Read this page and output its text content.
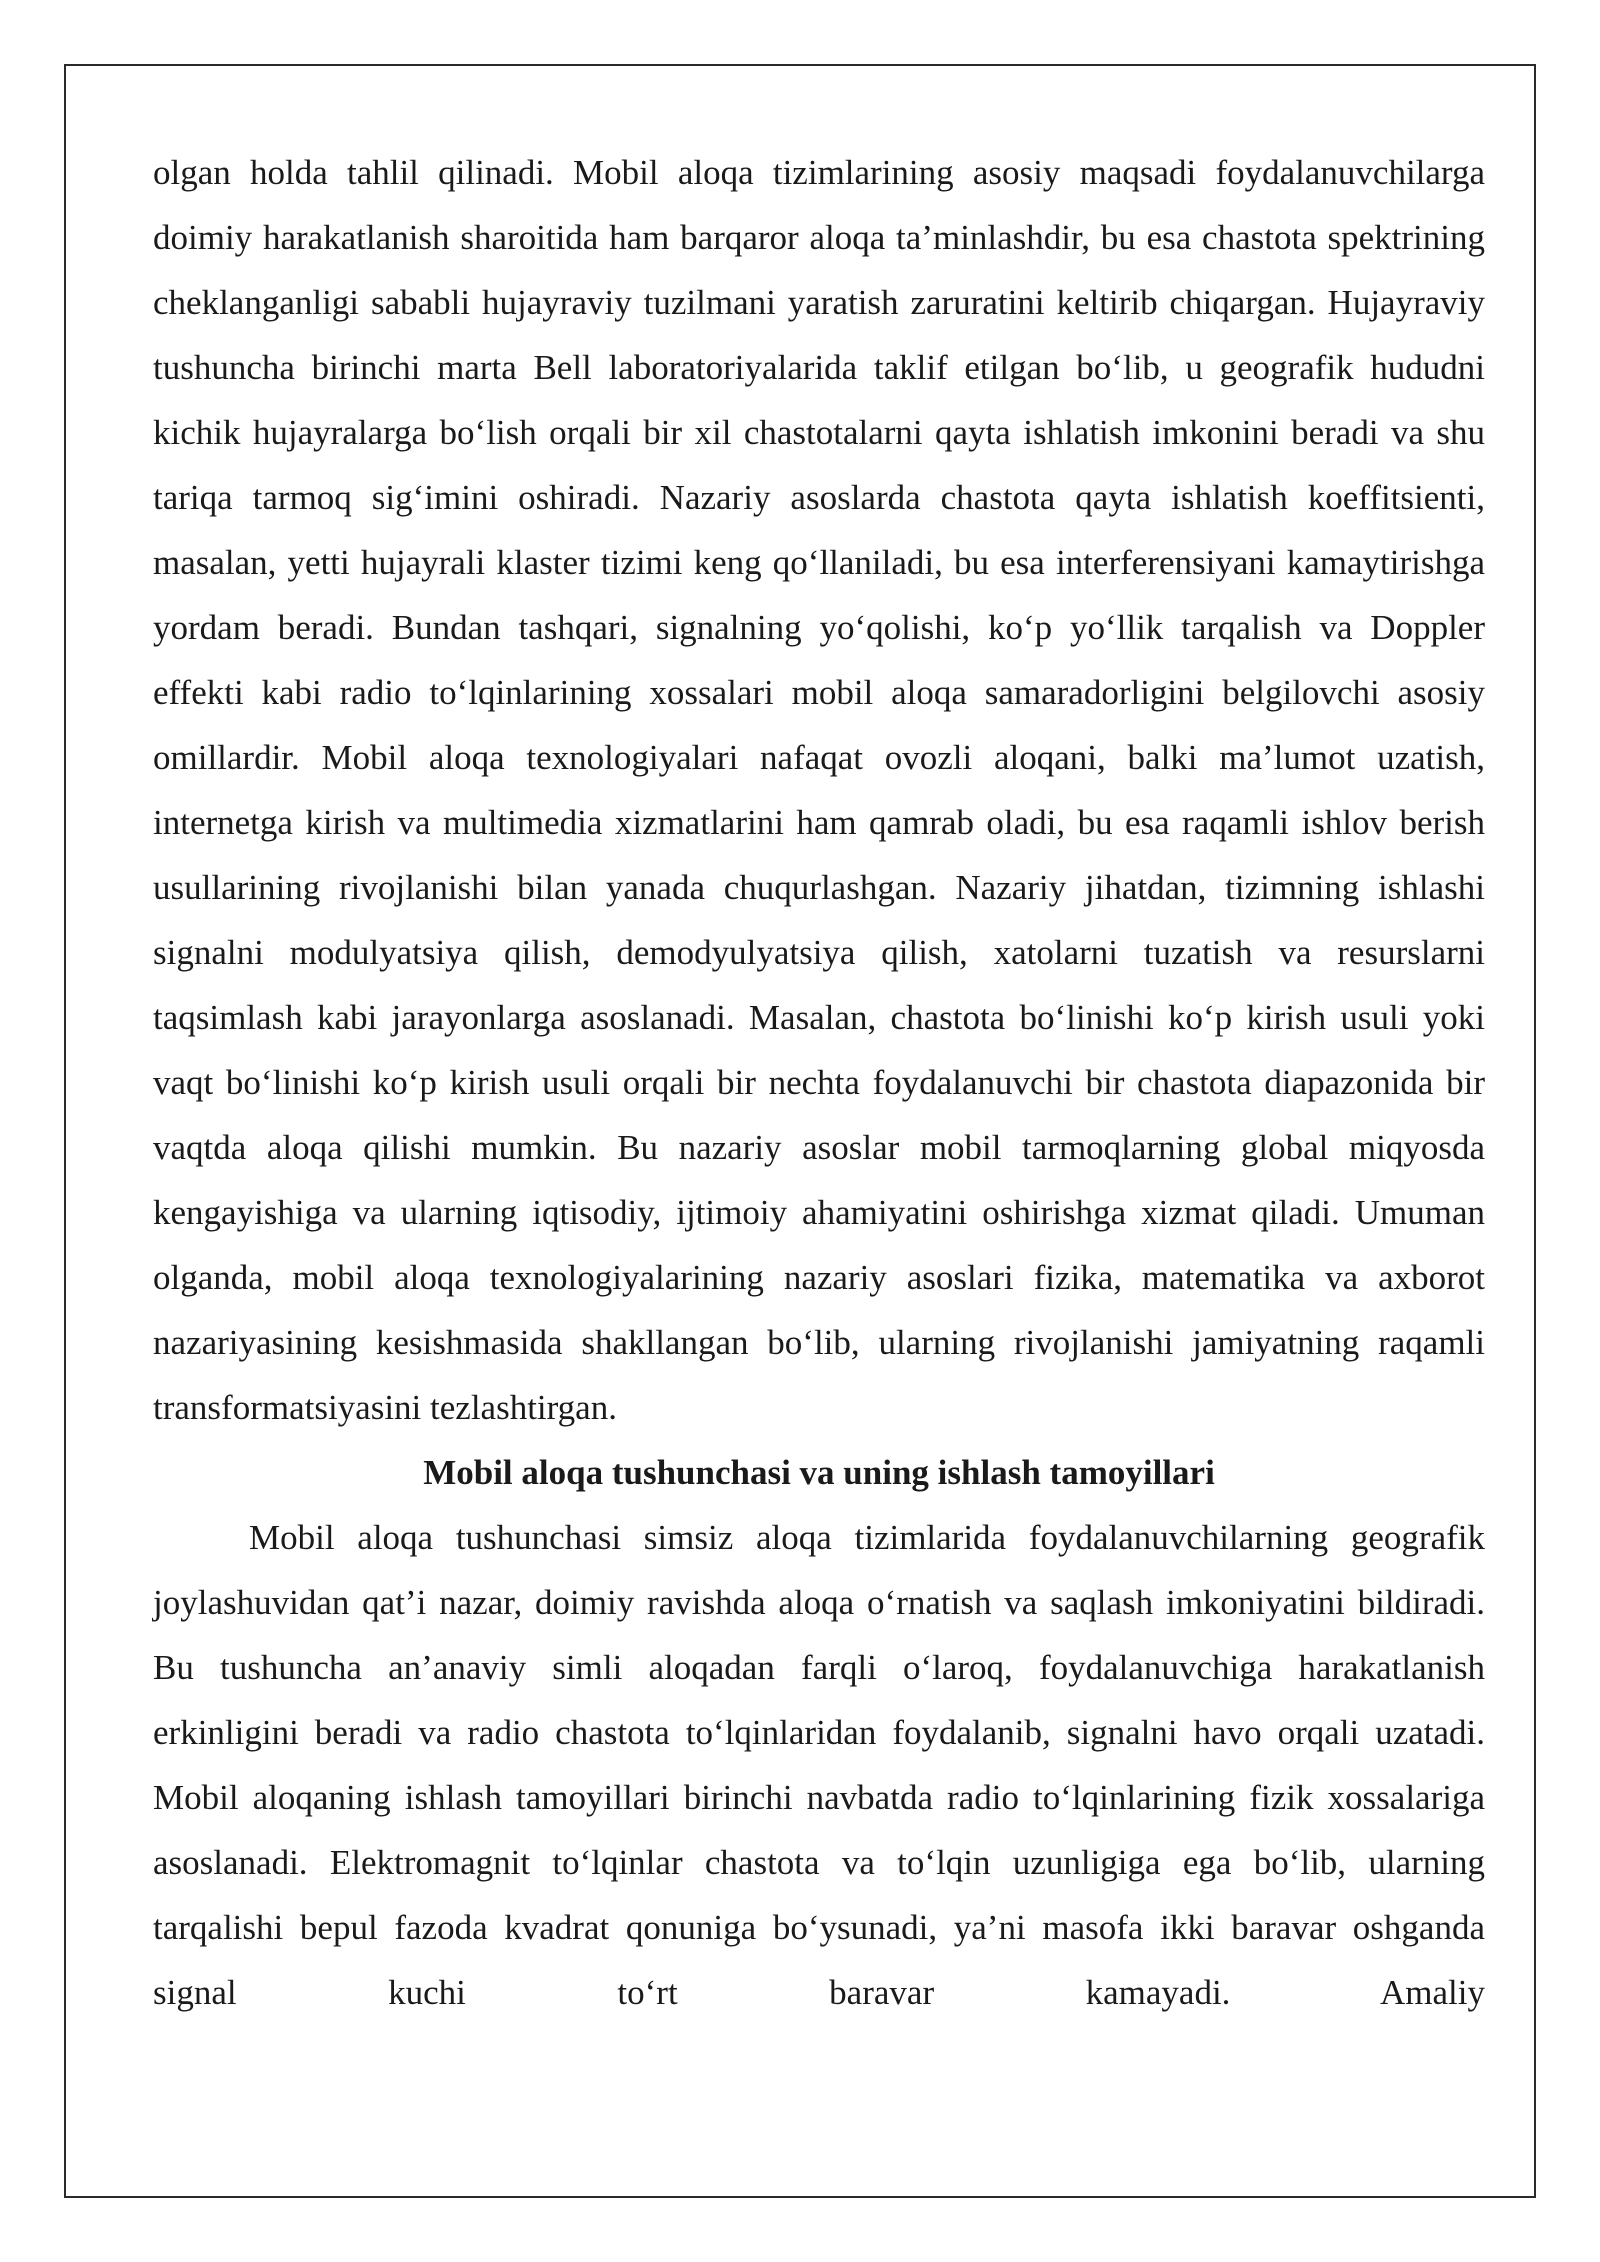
olgan holda tahlil qilinadi. Mobil aloqa tizimlarining asosiy maqsadi foydalanuvchilarga doimiy harakatlanish sharoitida ham barqaror aloqa ta’minlashdir, bu esa chastota spektrining cheklanganligi sababli hujayraviy tuzilmani yaratish zaruratini keltirib chiqargan. Hujayraviy tushuncha birinchi marta Bell laboratoriyalarida taklif etilgan bo‘lib, u geografik hududni kichik hujayralarga bo‘lish orqali bir xil chastotalarni qayta ishlatish imkonini beradi va shu tariqa tarmoq sig‘imini oshiradi. Nazariy asoslarda chastota qayta ishlatish koeffitsienti, masalan, yetti hujayrali klaster tizimi keng qo‘llaniladi, bu esa interferensiyani kamaytirishga yordam beradi. Bundan tashqari, signalning yo‘qolishi, ko‘p yo‘llik tarqalish va Doppler effekti kabi radio to‘lqinlarining xossalari mobil aloqa samaradorligini belgilovchi asosiy omillardir. Mobil aloqa texnologiyalari nafaqat ovozli aloqani, balki ma’lumot uzatish, internetga kirish va multimedia xizmatlarini ham qamrab oladi, bu esa raqamli ishlov berish usullarining rivojlanishi bilan yanada chuqurlashgan. Nazariy jihatdan, tizimning ishlashi signalni modulyatsiya qilish, demodyulyatsiya qilish, xatolarni tuzatish va resurslarni taqsimlash kabi jarayonlarga asoslanadi. Masalan, chastota bo‘linishi ko‘p kirish usuli yoki vaqt bo‘linishi ko‘p kirish usuli orqali bir nechta foydalanuvchi bir chastota diapazonida bir vaqtda aloqa qilishi mumkin. Bu nazariy asoslar mobil tarmoqlarning global miqyosda kengayishiga va ularning iqtisodiy, ijtimoiy ahamiyatini oshirishga xizmat qiladi. Umuman olganda, mobil aloqa texnologiyalarining nazariy asoslari fizika, matematika va axborot nazariyasining kesishmasida shakllangan bo‘lib, ularning rivojlanishi jamiyatning raqamli transformatsiyasini tezlashtirgan.

Mobil aloqa tushunchasi va uning ishlash tamoyillari

Mobil aloqa tushunchasi simsiz aloqa tizimlarida foydalanuvchilarning geografik joylashuvidan qat’i nazar, doimiy ravishda aloqa o‘rnatish va saqlash imkoniyatini bildiradi. Bu tushuncha an’anaviy simli aloqadan farqli o‘laroq, foydalanuvchiga harakatlanish erkinligini beradi va radio chastota to‘lqinlaridan foydalanib, signalni havo orqali uzatadi. Mobil aloqaning ishlash tamoyillari birinchi navbatda radio to‘lqinlarining fizik xossalariga asoslanadi. Elektromagnit to‘lqinlar chastota va to‘lqin uzunligiga ega bo‘lib, ularning tarqalishi bepul fazoda kvadrat qonuniga bo‘ysunadi, ya’ni masofa ikki baravar oshganda signal kuchi to‘rt baravar kamayadi. Amaliy
